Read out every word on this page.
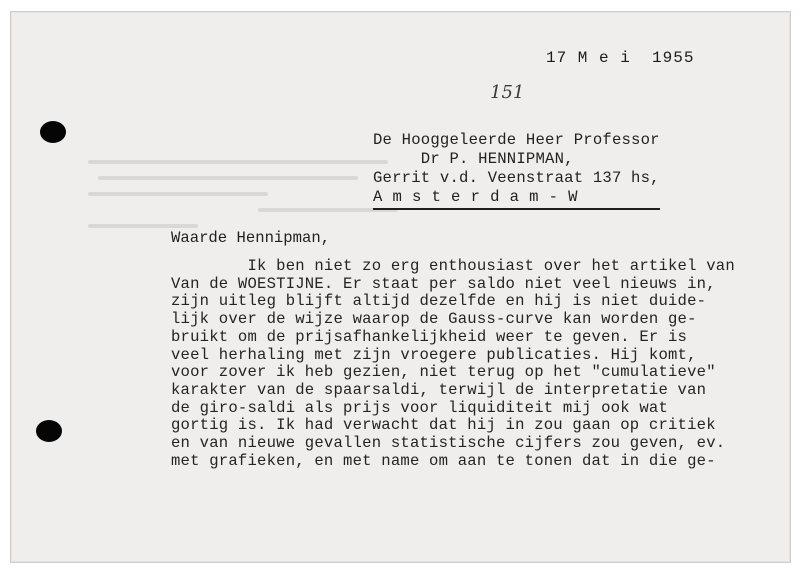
17 M e i  1955
151
De Hooggeleerde Heer Professor
Dr P. HENNIPMAN,
Gerrit v.d. Veenstraat 137 hs,
A m s t e r d a m - W
Waarde Hennipman,
Ik ben niet zo erg enthousiast over het artikel van
Van de WOESTIJNE. Er staat per saldo niet veel nieuws in,
zijn uitleg blijft altijd dezelfde en hij is niet duide-
lijk over de wijze waarop de Gauss-curve kan worden ge-
bruikt om de prijsafhankelijkheid weer te geven. Er is
veel herhaling met zijn vroegere publicaties. Hij komt,
voor zover ik heb gezien, niet terug op het "cumulatieve"
karakter van de spaarsaldi, terwijl de interpretatie van
de giro-saldi als prijs voor liquiditeit mij ook wat
gortig is. Ik had verwacht dat hij in zou gaan op critiek
en van nieuwe gevallen statistische cijfers zou geven, ev.
met grafieken, en met name om aan te tonen dat in die ge-
